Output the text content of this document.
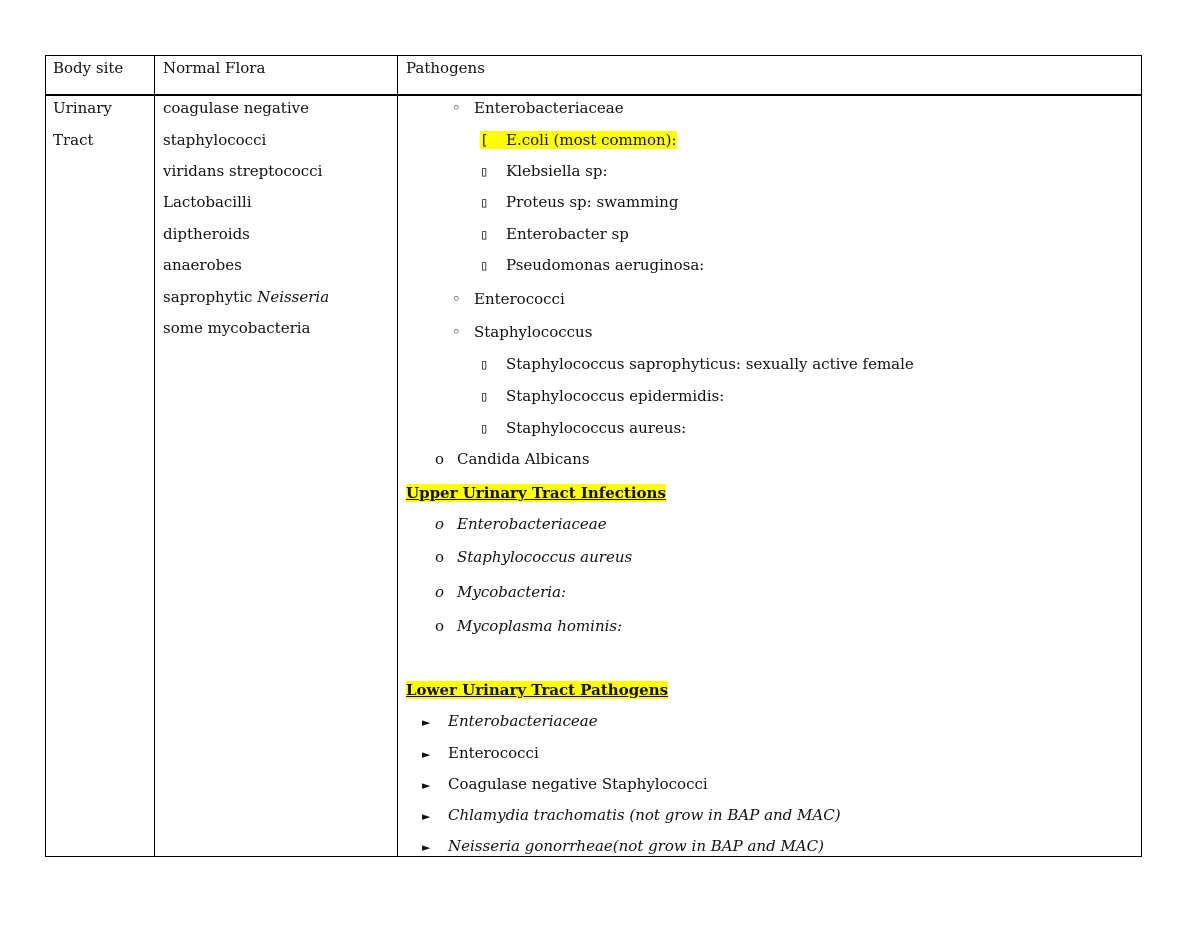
Body site	Normal Flora	Pathogens
Urinary
Tract
coagulase negative
staphylococci
viridans streptococci
Lactobacilli
diptheroids
anaerobes
saprophytic Neisseria
some mycobacteria
◦ Enterobacteriaceae
[ E.coli (most common):
▯ Klebsiella sp:
▯ Proteus sp: swamming
▯ Enterobacter sp
▯ Pseudomonas aeruginosa:
◦ Enterococci
◦ Staphylococcus
▯ Staphylococcus saprophyticus: sexually active female
▯ Staphylococcus epidermidis:
▯ Staphylococcus aureus:
o Candida Albicans
Upper Urinary Tract Infections
o Enterobacteriaceae
o Staphylococcus aureus
o Mycobacteria:
o Mycoplasma hominis:
Lower Urinary Tract Pathogens
► Enterobacteriaceae
► Enterococci
► Coagulase negative Staphylococci
► Chlamydia trachomatis (not grow in BAP and MAC)
► Neisseria gonorrheae(not grow in BAP and MAC)
